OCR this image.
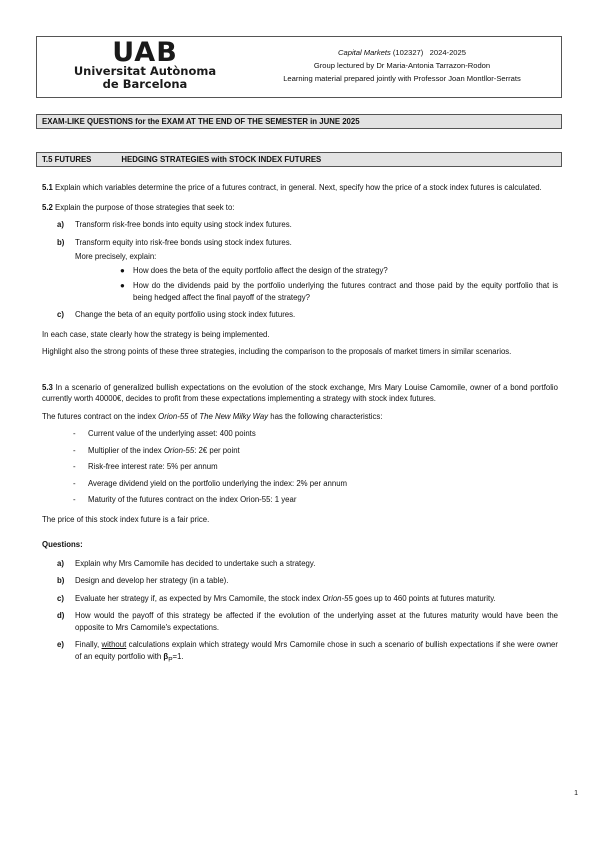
UAB
Universitat Autònoma
de Barcelona
Capital Markets (102327) 2024-2025
Group lectured by Dr Maria-Antonia Tarrazon-Rodon
Learning material prepared jointly with Professor Joan Montllor-Serrats
EXAM-LIKE QUESTIONS for the EXAM AT THE END OF THE SEMESTER in JUNE 2025
T.5 FUTURES	HEDGING STRATEGIES with STOCK INDEX FUTURES

5.1 Explain which variables determine the price of a futures contract, in general. Next, specify how the price of a stock index futures is calculated.

5.2 Explain the purpose of those strategies that seek to:

a) Transform risk-free bonds into equity using stock index futures.
b) Transform equity into risk-free bonds using stock index futures.
More precisely, explain:
● How does the beta of the equity portfolio affect the design of the strategy?
● How do the dividends paid by the portfolio underlying the futures contract and those paid by the equity portfolio that is being hedged affect the final payoff of the strategy?
c) Change the beta of an equity portfolio using stock index futures.

In each case, state clearly how the strategy is being implemented.

Highlight also the strong points of these three strategies, including the comparison to the proposals of market timers in similar scenarios.

5.3 In a scenario of generalized bullish expectations on the evolution of the stock exchange, Mrs Mary Louise Camomile, owner of a bond portfolio currently worth 40000€, decides to profit from these expectations implementing a strategy with stock index futures.

The futures contract on the index Orion-55 of The New Milky Way has the following characteristics:

- Current value of the underlying asset: 400 points
- Multiplier of the index Orion-55: 2€ per point
- Risk-free interest rate: 5% per annum
- Average dividend yield on the portfolio underlying the index: 2% per annum
- Maturity of the futures contract on the index Orion-55: 1 year

The price of this stock index future is a fair price.

Questions:

a) Explain why Mrs Camomile has decided to undertake such a strategy.
b) Design and develop her strategy (in a table).
c) Evaluate her strategy if, as expected by Mrs Camomile, the stock index Orion-55 goes up to 460 points at futures maturity.
d) How would the payoff of this strategy be affected if the evolution of the underlying asset at the futures maturity would have been the opposite to Mrs Camomile's expectations.
e) Finally, without calculations explain which strategy would Mrs Camomile chose in such a scenario of bullish expectations if she were owner of an equity portfolio with $\beta_P=1$.
1
